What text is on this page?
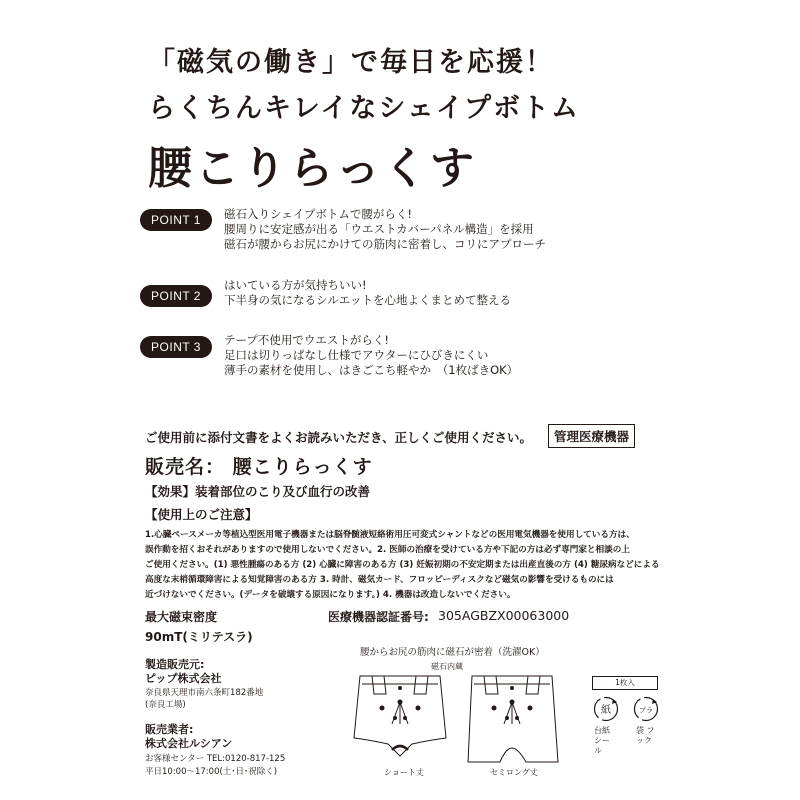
「磁気の働き」で毎日を応援！
らくちんキレイなシェイプボトム
腰こりらっくす
POINT 1	磁石入りシェイプボトムで腰がらく!
腰周りに安定感が出る「ウエストカバーパネル構造」を採用
磁石が腰からお尻にかけての筋肉に密着し、コリにアプローチ
POINT 2
はいている方が気持ちいい!
下半身の気になるシルエットを心地よくまとめて整える
POINT 3	テープ不使用でウエストがらく!
足口は切りっぱなし仕様でアウターにひびきにくい
薄手の素材を使用し、はきごこち軽やか　（1枚ばきOK）
ご使用前に添付文書をよくお読みいただき、正しくご使用ください。	管理医療機器
販売名： 腰こりらっくす
【効果】装着部位のこり及び血行の改善
【使用上のご注意】
1.心臓ペースメーカ等植込型医用電子機器または脳脊髄液短絡術用圧可変式シャントなどの医用電気機器を使用している方は、
誤作動を招くおそれがありますので使用しないでください。2. 医師の治療を受けている方や下記の方は必ず専門家と相談の上
ご使用ください。(1) 悪性腫瘍のある方 (2) 心臓に障害のある方 (3) 妊娠初期の不安定期または出産直後の方 (4) 糖尿病などによる
高度な末梢循環障害による知覚障害のある方 3. 時計、磁気カード、フロッピーディスクなど磁気の影響を受けるものには
近づけないでください。(データを破壊する原因になります。) 4. 機器は改造しないでください。
最大磁束密度
90mT(ミリテスラ)
医療機器認証番号: 305AGBZX00063000
製造販売元:
ピップ株式会社
奈良県天理市南六条町182番地
(奈良工場)
販売業者:
株式会社ルシアン
お客様センター TEL:0120-817-125
平日10:00～17:00(土･日･祝除く)
腰からお尻の筋肉に磁石が密着（洗濯OK）
磁石内蔵
ショート丈	セミロング丈
1枚入
紙	プラ
台紙 シール
袋 フック
